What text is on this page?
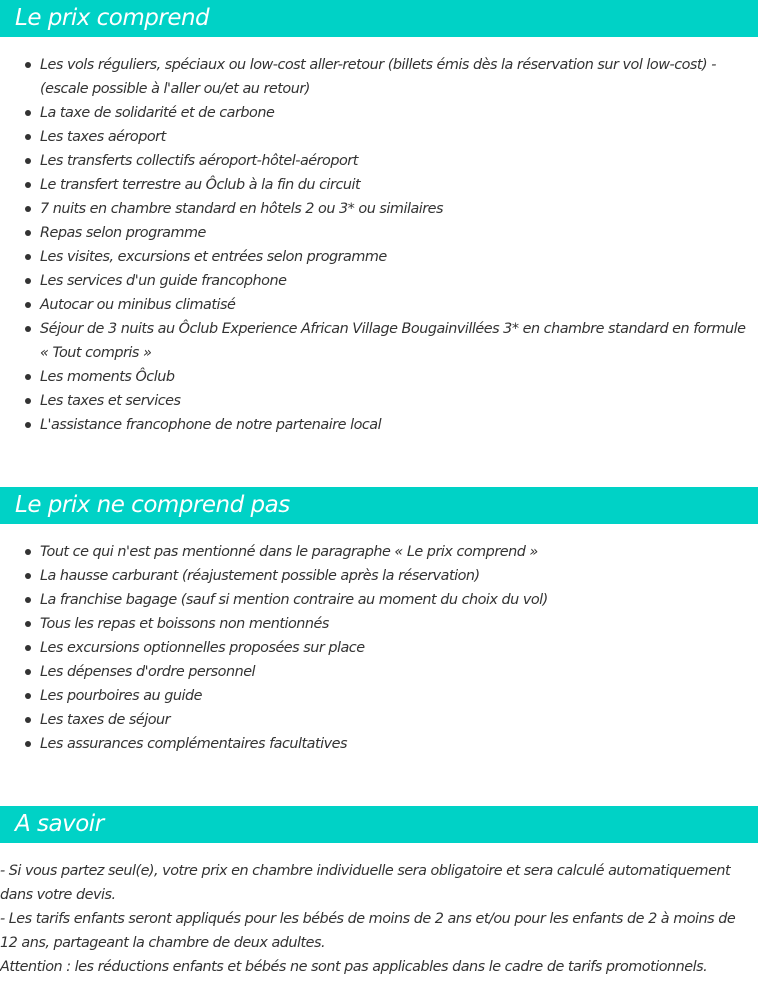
Le prix comprend
Les vols réguliers, spéciaux ou low-cost aller-retour (billets émis dès la réservation sur vol low-cost) - (escale possible à l'aller ou/et au retour)
La taxe de solidarité et de carbone
Les taxes aéroport
Les transferts collectifs aéroport-hôtel-aéroport
Le transfert terrestre au Ôclub à la fin du circuit
7 nuits en chambre standard en hôtels 2 ou 3* ou similaires
Repas selon programme
Les visites, excursions et entrées selon programme
Les services d'un guide francophone
Autocar ou minibus climatisé
Séjour de 3 nuits au Ôclub Experience African Village Bougainvillées 3* en chambre standard en formule « Tout compris »
Les moments Ôclub
Les taxes et services
L'assistance francophone de notre partenaire local
Le prix ne comprend pas
Tout ce qui n'est pas mentionné dans le paragraphe « Le prix comprend »
La hausse carburant (réajustement possible après la réservation)
La franchise bagage (sauf si mention contraire au moment du choix du vol)
Tous les repas et boissons non mentionnés
Les excursions optionnelles proposées sur place
Les dépenses d'ordre personnel
Les pourboires au guide
Les taxes de séjour
Les assurances complémentaires facultatives
A savoir

- Si vous partez seul(e), votre prix en chambre individuelle sera obligatoire et sera calculé automatiquement dans votre devis.

- Les tarifs enfants seront appliqués pour les bébés de moins de 2 ans et/ou pour les enfants de 2 à moins de 12 ans, partageant la chambre de deux adultes.

Attention : les réductions enfants et bébés ne sont pas applicables dans le cadre de tarifs promotionnels.
